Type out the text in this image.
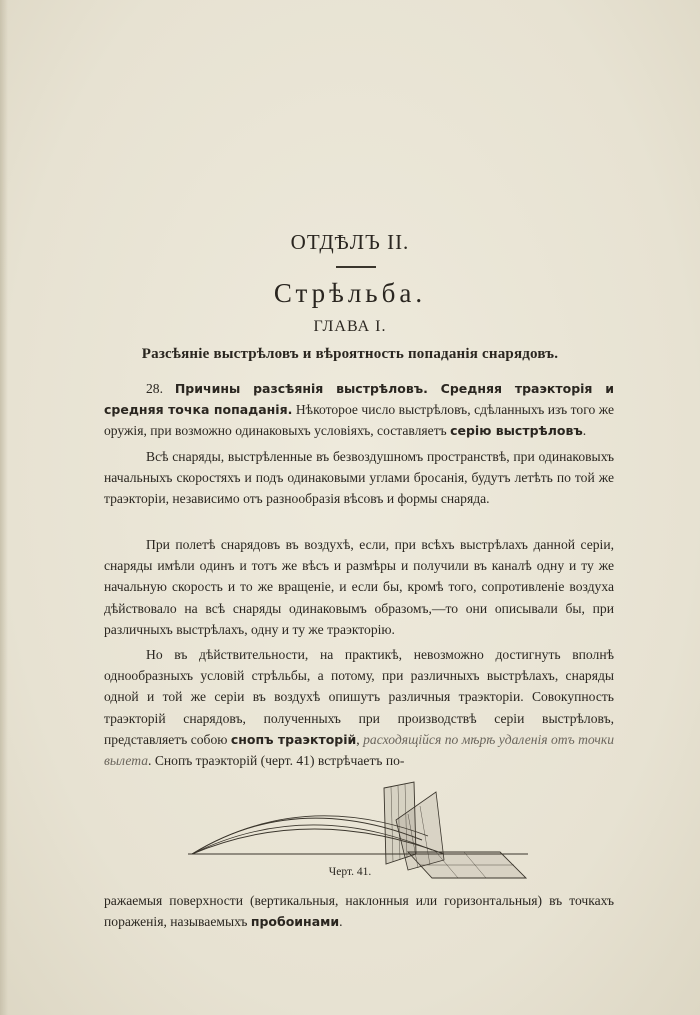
ОТДѢЛЪ II.
Стрѣльба.
ГЛАВА I.
Разсѣяніе выстрѣловъ и вѣроятность попаданія снарядовъ.

28. Причины разсѣянія выстрѣловъ. Средняя траэкторія и средняя точка попаданія. Нѣкоторое число выстрѣловъ, сдѣланныхъ изъ того же оружія, при возможно одинаковыхъ условіяхъ, составляетъ серію выстрѣловъ.

Всѣ снаряды, выстрѣленные въ безвоздушномъ пространствѣ, при одинаковыхъ начальныхъ скоростяхъ и подъ одинаковыми углами бросанія, будутъ летѣть по той же траэкторіи, независимо отъ разнообразія вѣсовъ и формы снаряда.

При полетѣ снарядовъ въ воздухѣ, если, при всѣхъ выстрѣлахъ данной серіи, снаряды имѣли одинъ и тотъ же вѣсъ и размѣры и получили въ каналѣ одну и ту же начальную скорость и то же вращеніе, и если бы, кромѣ того, сопротивленіе воздуха дѣйствовало на всѣ снаряды одинаковымъ образомъ,—то они описывали бы, при различныхъ выстрѣлахъ, одну и ту же траэкторію.

Но въ дѣйствительности, на практикѣ, невозможно достигнуть вполнѣ однообразныхъ условій стрѣльбы, а потому, при различныхъ выстрѣлахъ, снаряды одной и той же серіи въ воздухѣ опишутъ различныя траэкторіи. Совокупность траэкторій снарядовъ, полученныхъ при производствѣ серіи выстрѣловъ, представляетъ собою снопъ траэкторій, расходящійся по мѣрѣ удаленія отъ точки вылета. Снопъ траэкторій (черт. 41) встрѣчаетъ по-

Черт. 41.

ражаемыя поверхности (вертикальныя, наклонныя или горизонтальныя) въ точкахъ пораженія, называемыхъ пробоинами.
